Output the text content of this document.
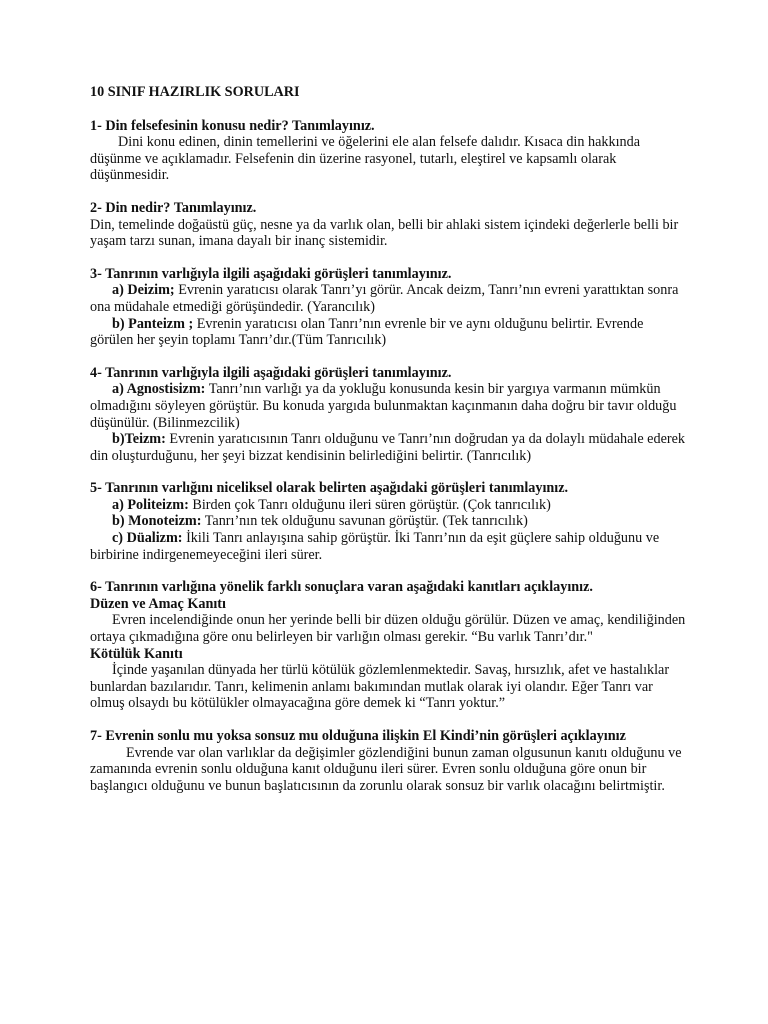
10 SINIF HAZIRLIK SORULARI
1- Din felsefesinin konusu nedir? Tanımlayınız.
Dini konu edinen, dinin temellerini ve öğelerini ele alan felsefe dalıdır. Kısaca din hakkında düşünme ve açıklamadır. Felsefenin din üzerine rasyonel, tutarlı, eleştirel ve kapsamlı olarak düşünmesidir.
2- Din nedir? Tanımlayınız.
Din, temelinde doğaüstü güç, nesne ya da varlık olan, belli bir ahlaki sistem içindeki değerlerle belli bir yaşam tarzı sunan, imana dayalı bir inanç sistemidir.
3- Tanrının varlığıyla ilgili aşağıdaki görüşleri tanımlayınız.
a) Deizim; Evrenin yaratıcısı olarak Tanrı’yı görür. Ancak deizm, Tanrı’nın evreni yarattıktan sonra ona müdahale etmediği görüşündedir. (Yarancılık)
b) Panteizm ; Evrenin yaratıcısı olan Tanrı’nın evrenle bir ve aynı olduğunu belirtir. Evrende görülen her şeyin toplamı Tanrı’dır.(Tüm Tanrıcılık)
4- Tanrının varlığıyla ilgili aşağıdaki görüşleri tanımlayınız.
a) Agnostisizm: Tanrı’nın varlığı ya da yokluğu konusunda kesin bir yargıya varmanın mümkün olmadığını söyleyen görüştür. Bu konuda yargıda bulunmaktan kaçınmanın daha doğru bir tavır olduğu düşünülür. (Bilinmezcilik)
b)Teizm: Evrenin yaratıcısının Tanrı olduğunu ve Tanrı’nın doğrudan ya da dolaylı müdahale ederek din oluşturduğunu, her şeyi bizzat kendisinin belirlediğini belirtir. (Tanrıcılık)
5- Tanrının varlığını niceliksel olarak belirten aşağıdaki görüşleri tanımlayınız.
a) Politeizm: Birden çok Tanrı olduğunu ileri süren görüştür. (Çok tanrıcılık)
b) Monoteizm: Tanrı’nın tek olduğunu savunan görüştür. (Tek tanrıcılık)
c) Düalizm: İkili Tanrı anlayışına sahip görüştür. İki Tanrı’nın da eşit güçlere sahip olduğunu ve birbirine indirgenemeyeceğini ileri sürer.
6- Tanrının varlığına yönelik farklı sonuçlara varan aşağıdaki kanıtları açıklayınız.
Düzen ve Amaç Kanıtı
Evren incelendiğinde onun her yerinde belli bir düzen olduğu görülür. Düzen ve amaç, kendiliğinden ortaya çıkmadığına göre onu belirleyen bir varlığın olması gerekir. “Bu varlık Tanrı’dır."
Kötülük Kanıtı
İçinde yaşanılan dünyada her türlü kötülük gözlemlenmektedir. Savaş, hırsızlık, afet ve hastalıklar bunlardan bazılarıdır. Tanrı, kelimenin anlamı bakımından mutlak olarak iyi olandır. Eğer Tanrı var olmuş olsaydı bu kötülükler olmayacağına göre demek ki “Tanrı yoktur.”
7- Evrenin sonlu mu yoksa sonsuz mu olduğuna ilişkin El Kindi’nin görüşleri açıklayınız
Evrende var olan varlıklar da değişimler gözlendiğini bunun zaman olgusunun kanıtı olduğunu ve zamanında evrenin sonlu olduğuna kanıt olduğunu ileri sürer. Evren sonlu olduğuna göre onun bir başlangıcı olduğunu ve bunun başlatıcısının da zorunlu olarak sonsuz bir varlık olacağını belirtmiştir.
